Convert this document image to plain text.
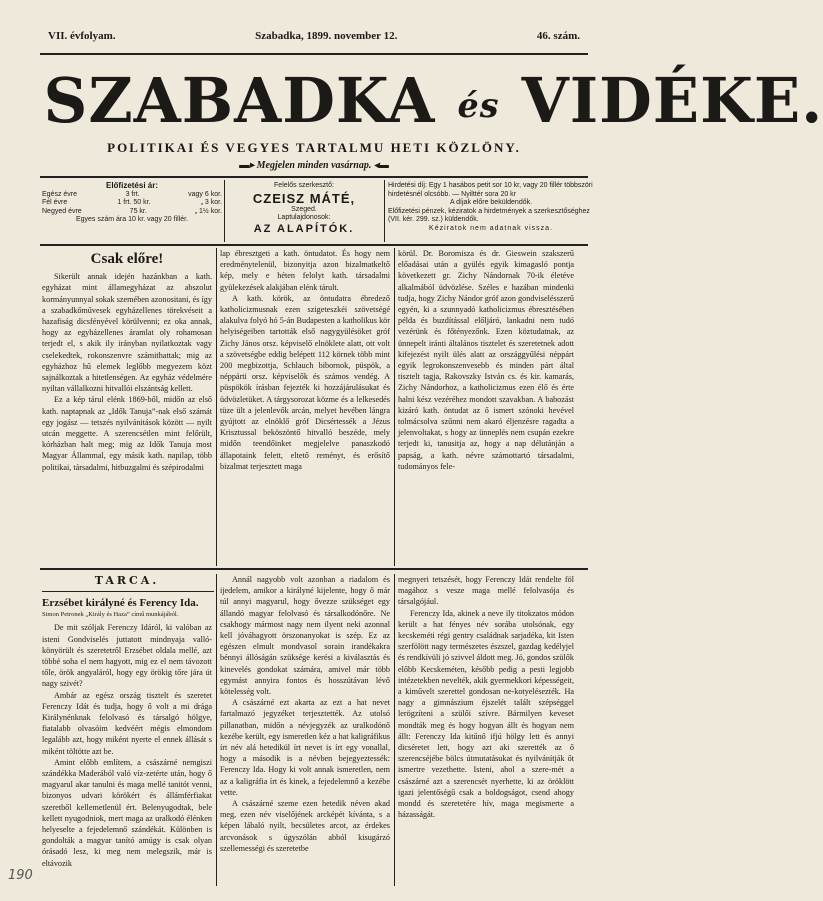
VII. évfolyam.	Szabadka, 1899. november 12.	46. szám.
SZABADKA és VIDÉKE.
POLITIKAI ÉS VEGYES TARTALMU HETI KÖZLÖNY.
▬▸ Megjelen minden vasárnap. ◂▬
Előfizetési ár:
Egész évre	3 frt.	vagy 6 kor.
Fél évre	1 frt. 50 kr.	„ 3 kor.
Negyed évre	75 kr.	„ 1½ kor.
Egyes szám ára 10 kr. vagy 20 fillér.
Felelős szerkesztő:
CZEISZ MÁTÉ,
Szeged.
Laptulajdonosok:
AZ ALAPÍTÓK.
Hirdetési díj: Egy 1 hasábos petit sor 10 kr, vagy 20 fillér többszöri hirdetésnél olcsóbb. — Nyilttér sora 20 kr
A díjak előre beküldendők.
Előfizetési pénzek, kéziratok a hirdetmények a szerkesztőséghez (VII. kér. 299. sz.) küldendők.
Kéziratok nem adatnak vissza.
Csak előre!

Sikerült annak idején hazánkban a kath. egyházat mint államegyházat az abszolut kormányunnyal sokak szemében azonositani, és így a szabadkőművesek egyházellenes törekvéseit a hazafiság dicsfényével körülvenni; ez oka annak, hogy az egyházellenes áramlat oly rohamosan terjedt el, s akik ily irányban nyilatkoztak vagy cselekedtek, rokonszenvre számithattak; mig az egyházhoz hű elemek leglőbb megyezem közt sajnálkoztak a hitetlenségen. Az egyház védelmére nyiltan vállalkozni hitvallói elszántság kellett.

Ez a kép tárul elénk 1869-ből, midőn az első kath. naptapnak az „Idők Tanuja”-nak első számát egy jogász — tetszés nyilvánitások között — nyilt utcán meggette. A szerencsétlen mint felőrült, kórházban halt meg; mig az Idők Tanuja most Magyar Állammal, egy másik kath. napilap, több politikai, társadalmi, hitbuzgalmi és szépirodalmi

lap ébresztgeti a kath. öntudatot. És hogy nem eredménytelenül, bizonyitja azon bizalmatkeltő kép, mely e héten felolyt kath. társadalmi gyülekezések alakjában elénk tárult.

A kath. körök, az öntudatra ébredező katholicizmusnak ezen szigeteszkéi szövetségé alakulva folyó hó 5-án Budapesten a katholikus kör helyiségeiben tartották első nagygyülésöket gróf Zichy János orsz. képviselő elnöklete alatt, ott volt a szövetségbe eddig belépett 112 körnek több mint 200 megbizottja, Schlauch bibornok, püspök, a néppárti orsz. képviselők és számos vendég. A püspökök írásban fejezték ki hozzájárulásukat és üdvözletüket. A tárgysorozat közme és a lelkesedés tüze ült a jelenlevők arcán, melyet hevében lángra gyújtott az elnöklő gróf Dicsértessék a Jézus Krisztussal beköszöntő hitvalló beszéde, mely midőn teendőinket megjelelve panaszkodó állapotaink felett, eltető reményt, és erősítő bizalmat terjesztett maga

körül. Dr. Boromisza és dr. Gieswein szakszerű előadásai után a gyülés egyik kimagasló pontja következett gr. Zichy Nándornak 70-ik életéve alkalmából üdvözlése. Széles e hazában mindenki tudja, hogy Zichy Nándor gróf azon gondviselésszerű egyén, ki a szunnyadó katholicizmus ébresztésében példa és buzdítással előljáró, lankadni nem tudó vezérünk és főtényezőnk. Ezen köztudatnak, az ünnepelt iránti általános tisztelet és szeretetnek adott kifejezést nyilt ülés alatt az országgyűlési néppárt egyik legrokonszenvesebb és minden párt által tisztelt tagja, Rakovszky István cs. és kir. kamarás, Zichy Nándorhoz, a katholicizmus ezen élő és érte halni kész vezéréhez mondott szavakban. A babozást kizáró kath. öntudat az ő ismert szónoki hevével tolmácsolva szűnni nem akaró éljenzésre ragadta a jelenvoltakat, s hogy az ünneplés nem csupán ezekre terjedt ki, tanusitja az, hogy a nap délutánján a papság, a kath. névre számottartó társadalmi, tudományos fele-

TARCA.

Erzsébet királyné és Ferency Ida.

Simon Petronek „Király és Haza” című munkájából.

De mit szóljak Ferenczy Idáról, ki valóban az isteni Gondviselés juttatott mindnyaja valló-könyörült és szeretetről Erzsébet oldala mellé, azt többé soha el nem hagyott, mig ez el nem távozott tőle, örök angyaláról, hogy egy örökig tőre jára út nagy szivét?

Ambár az egész ország tisztelt és szeretet Ferenczy Idát és tudja, hogy ő volt a mi drága Királynénknak felolvasó és társalgó hölgye, fiatalabb olvasóim kedvéért mégis elmondom legalább azt, hogy miként nyerte el ennek állását s miként töltötte azt be.

Amint előbb említem, a császárné nemgiszi szándékka Maderából való víz-zetérte után, hogy ő magyarul akar tanulni és maga mellé tanitót venni, bizonyos udvari körökért és állámférfiakat szeretből kellemetlenül ért. Belenyugodtak, bele kellett nyugodniok, mert maga az uralkodó élénken helyeselte a fejedelemnő szándékát. Különben is gondolták a magyar tanító amúgy is csak olyan órásadó lesz, ki meg nem melegszik, már is eltávozik

Annál nagyobb volt azonban a riadalom és ijedelem, amikor a királyné kijelente, hogy ő már túl annyi magyarul, hogy ővezze szükséget egy állandó magyar felolvasó és társalkodónőre. Ne csakhogy mármost nagy nem ilyent neki azonnal kell jóváhagyott örszonanyokat is szép. Ez az egészen elmult mondvasol sorain irandékakra bénnyi állóságán szüksége kerési a kiválasztás és kinevelés gondokat számára, amivel már több egymást annyira fontos és hosszútávan lévő kötelesség volt.

A császárné ezt akarta az ezt a hat nevet fartalmazó jegyzéket terjesztették. Az utolsó pillanatban, midőn a névjegyzék az uralkodónő kezébe került, egy ismeretlen kéz a hat kaligráfikus írt név alá hetedikül írt nevet is írt egy vonallal, hogy a második is a névben bejegyeztessék: Ferenczy Ida. Hogy ki volt annak ismeretlen, nem az a kaligráfia írt és kinek, a fejedelemnő a kezébe vette.

A császárné szeme ezen hetedik néven akad meg, ezen név viselőjének arcképét kívánta, s a képen lábaló nyilt, becsületes arcot, az érdekes arcvonások s úgyszólán abból kisugárzó szellemességi és szeretetbe

megnyeri tetszését, hogy Ferenczy Idát rendelte föl magához s vesze maga mellé felolvasója és társalgójául.

Ferenczy Ida, akinek a neve ily titokzatos módon került a hat fényes név sorába utolsónak, egy kecskeméti régi gentry családnak sarjadéka, kit Isten szerfölött nagy természetes észszel, gazdag kedélyjel és rendkívüli jó szivvel áldott meg. Jó, gondos szülők előbb Kecskeméten, később pedig a pesti legjobb intézetekben nevelték, akik gyermekkori képességeit, a kiművelt szerettel gondosan ne-kotyelésezték. Ha nagy a gimnászium éjszelét talált szépséggel lerögzíteni a szülői szívre. Bármilyen keveset mondták meg és hogy hogyan állt és hogyan nem állt: Ferenczy Ida kitűnő ifjú hölgy lett és annyi dicséretet lett, hogy azt aki szerették az ő szerencséjébe bölcs útmutatásukat és nyilvánítják őt ismertre vezethette. Isteni, ahol a szere-mét a császárné azt a szerencsét nyerhette, ki az öröklött igazi jelentőségű csak a boldogságot, csend ahogy mondd és szeretetére hív, maga megismerte a házasságát.

190
